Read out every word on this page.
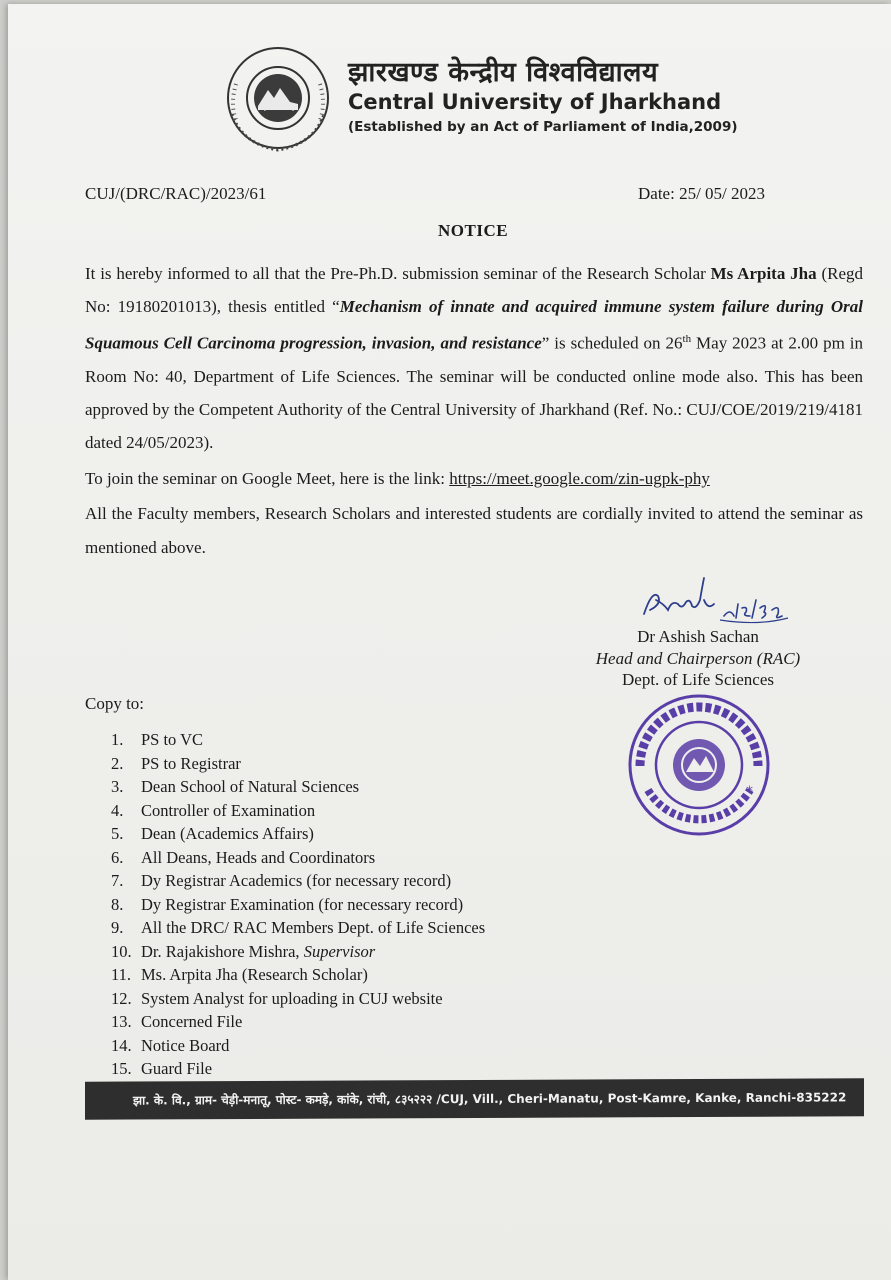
झारखण्ड केन्द्रीय विश्वविद्यालय
Central University of Jharkhand
(Established by an Act of Parliament of India,2009)
CUJ/(DRC/RAC)/2023/61	Date: 25/ 05/ 2023
NOTICE
It is hereby informed to all that the Pre-Ph.D. submission seminar of the Research Scholar Ms Arpita Jha (Regd No: 19180201013), thesis entitled “Mechanism of innate and acquired immune system failure during Oral Squamous Cell Carcinoma progression, invasion, and resistance” is scheduled on 26th May 2023 at 2.00 pm in Room No: 40, Department of Life Sciences. The seminar will be conducted online mode also. This has been approved by the Competent Authority of the Central University of Jharkhand (Ref. No.: CUJ/COE/2019/219/4181 dated 24/05/2023).
To join the seminar on Google Meet, here is the link: https://meet.google.com/zin-ugpk-phy
All the Faculty members, Research Scholars and interested students are cordially invited to attend the seminar as mentioned above.
Dr Ashish Sachan
Head and Chairperson (RAC)
Dept. of Life Sciences
*
Copy to:
1. PS to VC
2. PS to Registrar
3. Dean School of Natural Sciences
4. Controller of Examination
5. Dean (Academics Affairs)
6. All Deans, Heads and Coordinators
7. Dy Registrar Academics (for necessary record)
8. Dy Registrar Examination (for necessary record)
9. All the DRC/ RAC Members Dept. of Life Sciences
10. Dr. Rajakishore Mishra, Supervisor
11. Ms. Arpita Jha (Research Scholar)
12. System Analyst for uploading in CUJ website
13. Concerned File
14. Notice Board
15. Guard File
झा. के. वि., ग्राम- चेड़ी-मनातू, पोस्ट- कमड़े, कांके, रांची, ८३५२२२ /CUJ, Vill., Cheri-Manatu, Post-Kamre, Kanke, Ranchi-835222
